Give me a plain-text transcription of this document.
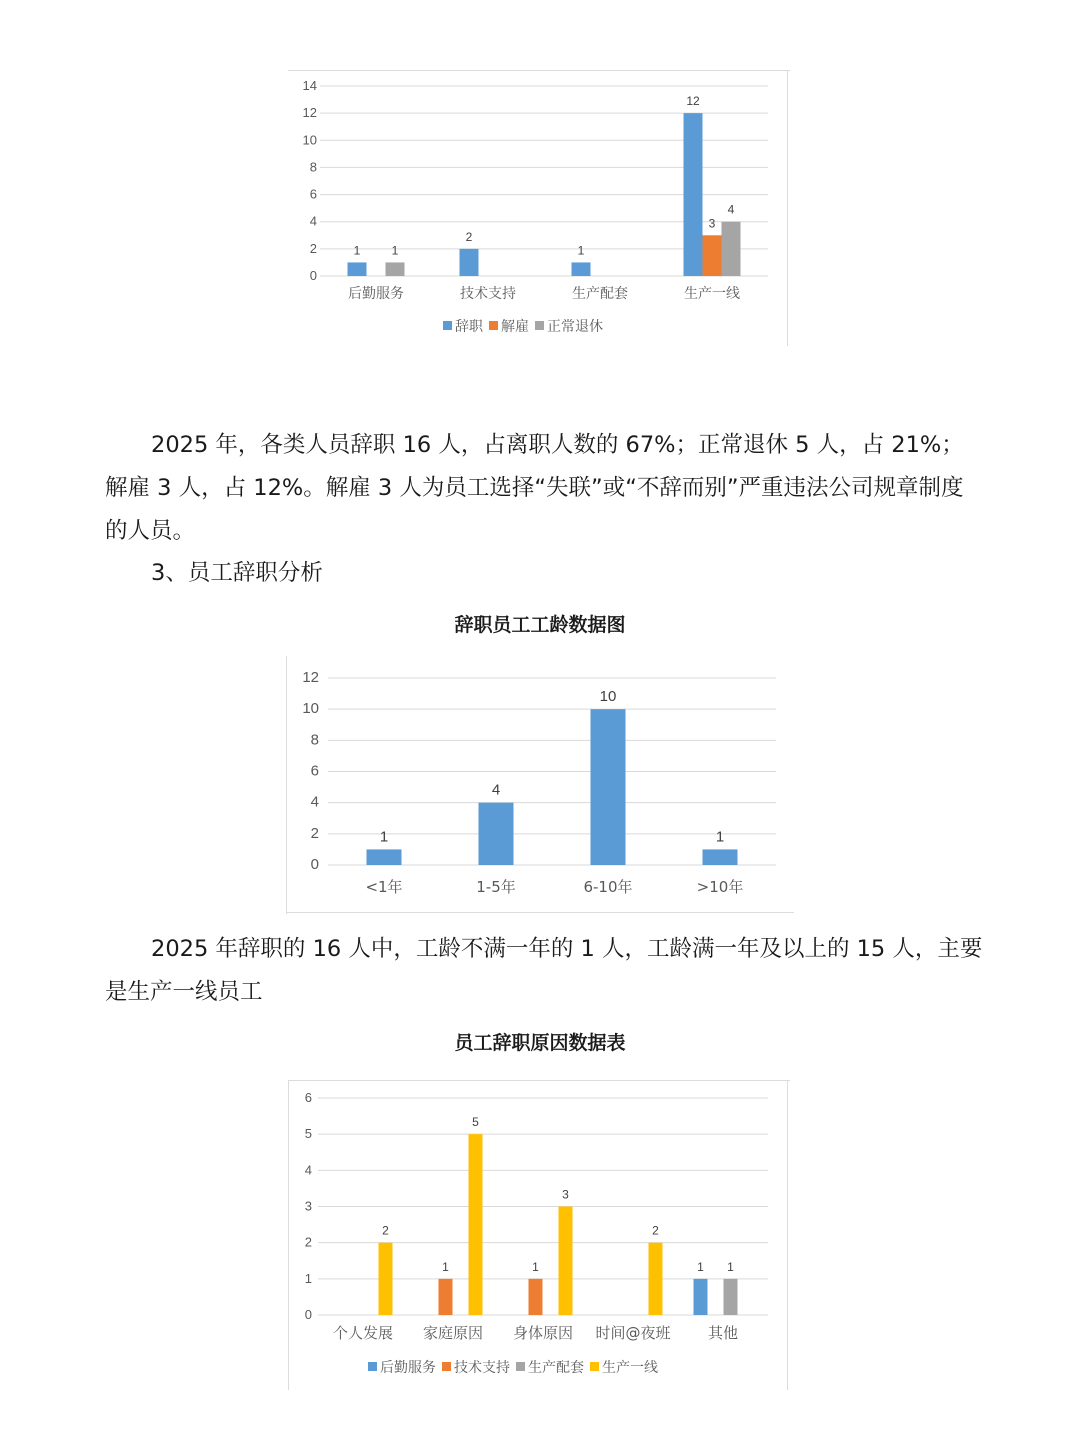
0
2
4
6
8
10
12
14
1	1
后勤服务
2
技术支持
1
生产配套
12
3
4
生产一线
辞职 解雇 正常退休

2025 年，各类人员辞职 16 人，占离职人数的 67%；正常退休 5 人，占 21%；解雇 3 人，占 12%。解雇 3 人为员工选择“失联”或“不辞而别”严重违法公司规章制度的人员。

3、员工辞职分析

辞职员工工龄数据图

0
2
4
6
8
10
12
1
<1年
4
1-5年
10
6-10年
1
>10年

2025 年辞职的 16 人中，工龄不满一年的 1 人，工龄满一年及以上的 15 人，主要是生产一线员工

员工辞职原因数据表

0
1
2
3
4
5
6
2
个人发展
1
5
家庭原因
1
3
身体原因
2
时间@夜班
1 1
其他
后勤服务 技术支持 生产配套 生产一线
